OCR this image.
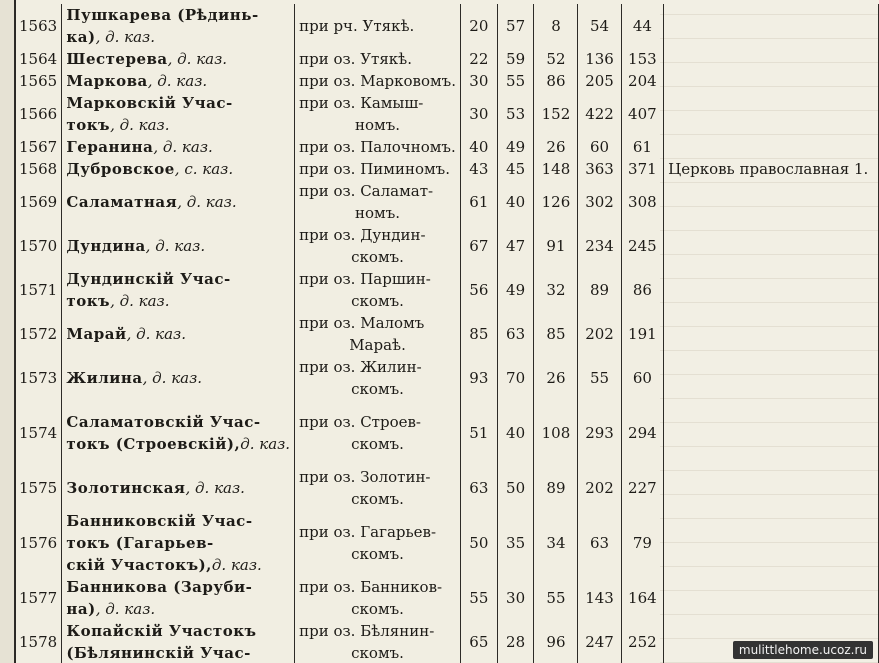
1563	Пушкарева (Рѣдинь-
ка), д. каз.	при рч. Утякѣ.	20	57	8	54	44	
1564	Шестерева, д. каз.	при оз. Утякѣ.	22	59	52	136	153	
1565	Маркова, д. каз.	при оз. Марковомъ.	30	55	86	205	204	
1566	Марковскій Учас-
токъ, д. каз.	при оз. Камыш-
номъ.	30	53	152	422	407	
1567	Геранина, д. каз.	при оз. Палочномъ.	40	49	26	60	61	
1568	Дубровское, с. каз.	при оз. Пиминомъ.	43	45	148	363	371	Церковь православная 1.
1569	Саламатная, д. каз.	при оз. Саламат-
номъ.	61	40	126	302	308	
1570	Дундина, д. каз.	при оз. Дундин-
скомъ.	67	47	91	234	245	
1571	Дундинскій Учас-
токъ, д. каз.	при оз. Паршин-
скомъ.	56	49	32	89	86	
1572	Марай, д. каз.	при оз. Маломъ
Мараѣ.	85	63	85	202	191	
1573	Жилина, д. каз.	при оз. Жилин-
скомъ.	93	70	26	55	60	
1574	Саламатовскій Учас-
токъ (Строевскій),д. каз.	при оз. Строев-
скомъ.	51	40	108	293	294	
1575	Золотинская, д. каз.	при оз. Золотин-
скомъ.	63	50	89	202	227	
1576	Банниковскій Учас-
токъ (Гагарьев-
скій Участокъ),д. каз.	при оз. Гагарьев-
скомъ.	50	35	34	63	79	
1577	Банникова (Заруби-
на), д. каз.	при оз. Банников-
скомъ.	55	30	55	143	164	
1578	Копайскій Участокъ
(Бѣлянинскій Учас-	при оз. Бѣлянин-
скомъ.	65	28	96	247	252		mulittlehome.ucoz.ru
